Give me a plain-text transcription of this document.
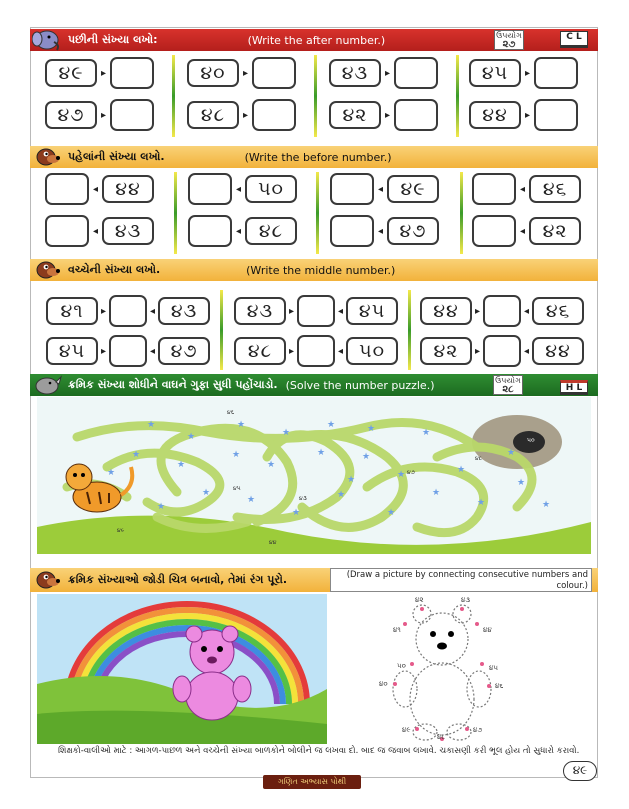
પછીની સંખ્યા લખો:	(Write the after number.)	ઉપયોગ
૨૭
C L
૪૯	▸	૪૦	▸	૪૩	▸	૪૫	▸
૪૭	▸	૪૮	▸	૪૨	▸	૪૪	▸
પહેલાંની સંખ્યા લખો.	(Write the before number.)
◂ ૪૪	◂ ૫૦	◂ ૪૯	◂ ૪૬
◂ ૪૩	◂ ૪૮	◂ ૪૭	◂ ૪૨
વચ્ચેની સંખ્યા લખો.	(Write the middle number.)
૪૧	▸	◂ ૪૩	૪૩	▸	◂ ૪૫	૪૪	▸	◂ ૪૬
૪૫	▸	◂ ૪૭	૪૮	▸	◂ ૫૦	૪૨	▸	◂ ૪૪
ક્રમિક સંખ્યા શોધીને વાઘને ગુફા સુધી પહોંચાડો. (Solve the number puzzle.)	ઉપયોગ
૨૮	H L
★
★
★
★
★	★	★
★
★
★
★
★	★
★	★
★
★
★
★
★
★
★
★
★
★
★
★
★
૪૬
૪૭
૪૫
૪૩
૪૪
૪૮
૪૯
૫૦
ક્રમિક સંખ્યાઓ જોડી ચિત્ર બનાવો, તેમાં રંગ પૂરો.	(Draw a picture by connecting consecutive numbers and colour.)
૪૨	૪૩
૪૪
૪૧
૪૫
૫૦
૪૦	૪૬
૪૯	૪૭
૪૮
શિક્ષકો-વાલીઓ માટે : આગળ-પાછળ અને વચ્ચેની સંખ્યા બાળકોને બોલીને જ લખવા દો. બાદ જ જવાબ લખાવે. ચકાસણી કરી ભૂલ હોય તો સુધારો કરાવો.
૪૯
ગણિત અભ્યાસ પોથી
